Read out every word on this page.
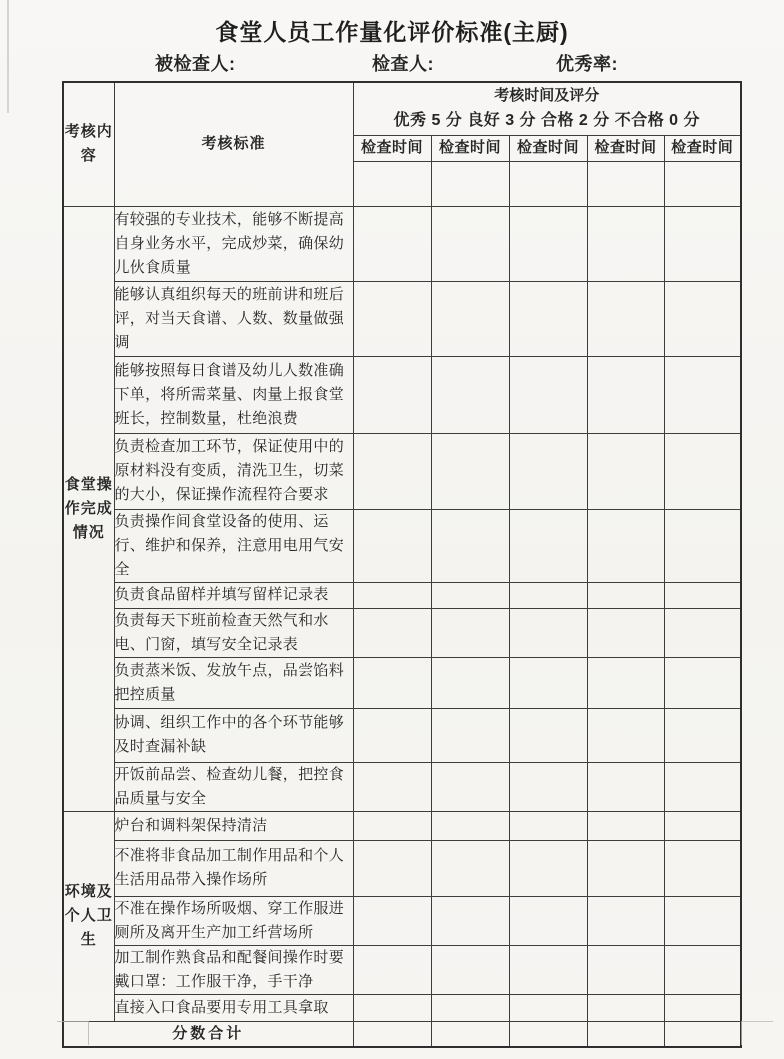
食堂人员工作量化评价标准(主厨)
被检查人:	检查人:	优秀率:
考核内容	考核标准	考核时间及评分
优秀 5 分 良好 3 分 合格 2 分 不合格 0 分				

		检查时间	检查时间	检查时间	检查时间	检查时间

食堂操作完成情况	有较强的专业技术，能够不断提高自身业务水平，完成炒菜，确保幼儿伙食质量					
	能够认真组织每天的班前讲和班后评，对当天食谱、人数、数量做强调					
	能够按照每日食谱及幼儿人数准确下单，将所需菜量、肉量上报食堂班长，控制数量，杜绝浪费					
	负责检查加工环节，保证使用中的原材料没有变质，清洗卫生，切菜的大小，保证操作流程符合要求					
	负责操作间食堂设备的使用、运行、维护和保养，注意用电用气安全					
	负责食品留样并填写留样记录表					
	负责每天下班前检查天然气和水电、门窗，填写安全记录表					
	负责蒸米饭、发放午点，品尝馅料把控质量					
	协调、组织工作中的各个环节能够及时查漏补缺					
	开饭前品尝、检查幼儿餐，把控食品质量与安全					
环境及个人卫生	炉台和调料架保持清洁					
	不准将非食品加工制作用品和个人生活用品带入操作场所					
	不准在操作场所吸烟、穿工作服进厕所及离开生产加工纤营场所					
	加工制作熟食品和配餐间操作时要戴口罩：工作服干净，手干净					
	直接入口食品要用专用工具拿取					
分数合计						
